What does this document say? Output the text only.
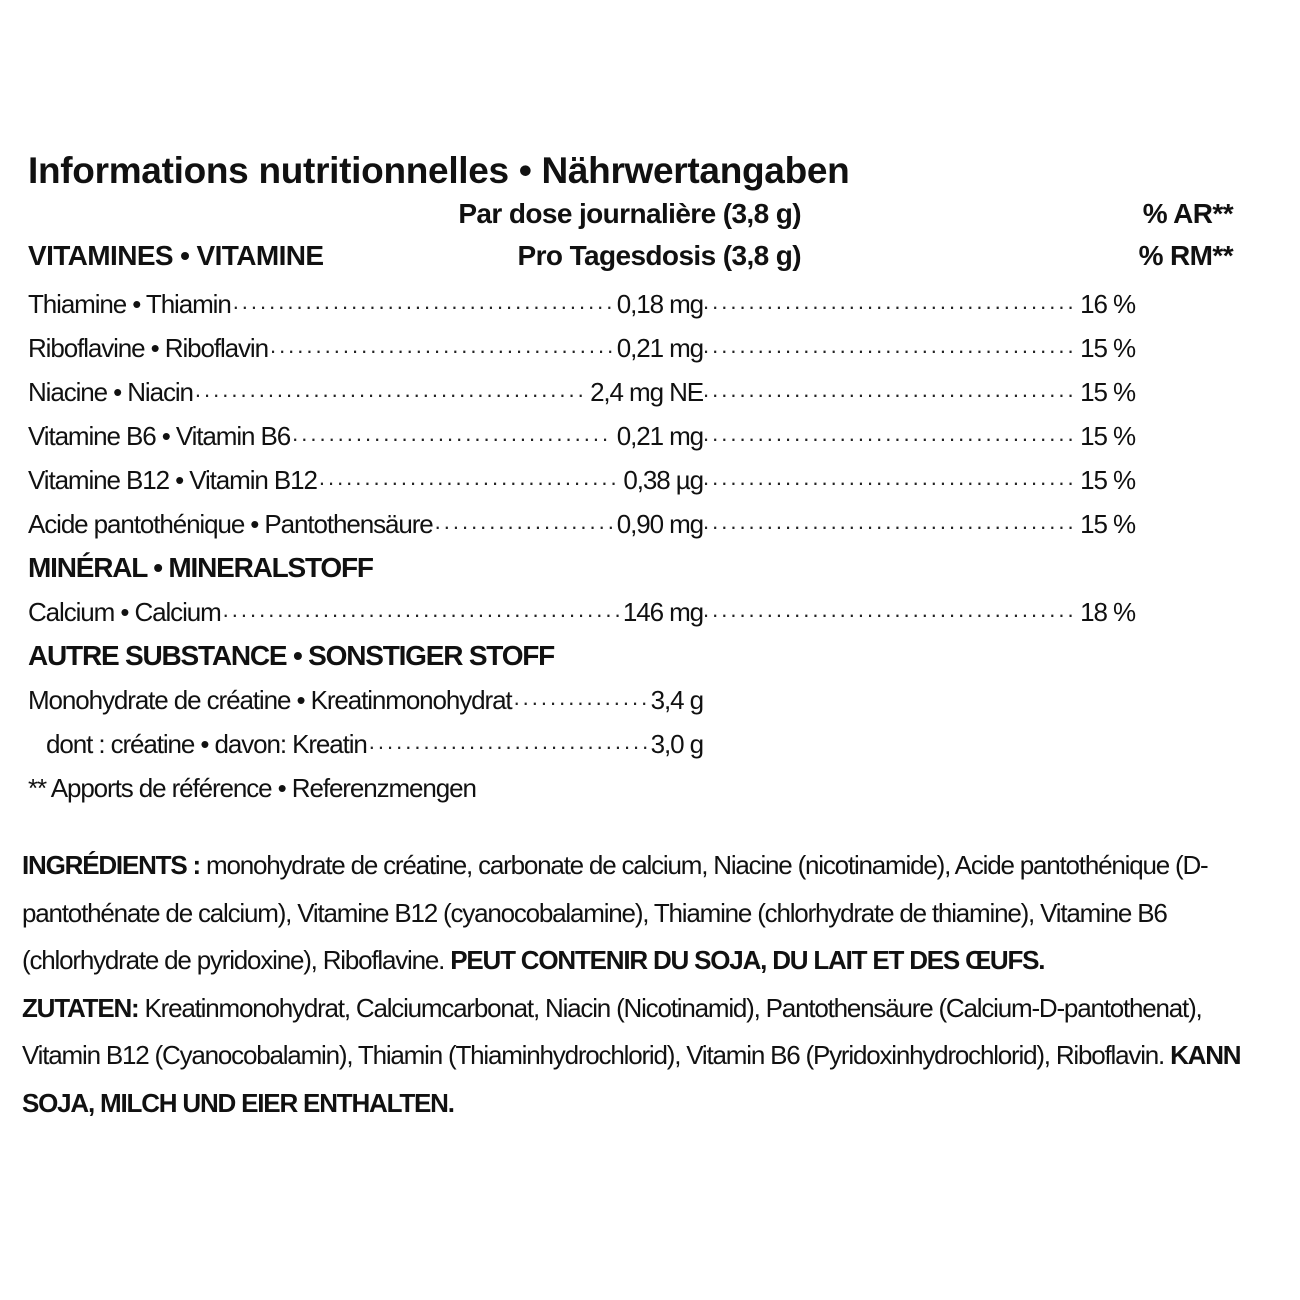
Informations nutritionnelles • Nährwertangaben
Par dose journalière (3,8 g)	% AR**
VITAMINES • VITAMINE	Pro Tagesdosis (3,8 g)	% RM**
Thiamine • Thiamin .....	0,18 mg .....	16 %
Riboflavine • Riboflavin .....	0,21 mg .....	15 %
Niacine • Niacin .....	2,4 mg NE .....	15 %
Vitamine B6 • Vitamin B6 .....	0,21 mg .....	15 %
Vitamine B12 • Vitamin B12 .....	0,38 µg .....	15 %
Acide pantothénique • Pantothensäure .....	0,90 mg .....	15 %
MINÉRAL • MINERALSTOFF
Calcium • Calcium .....	146 mg .....	18 %
AUTRE SUBSTANCE • SONSTIGER STOFF
Monohydrate de créatine • Kreatinmonohydrat .....	3,4 g
dont : créatine • davon: Kreatin .....	3,0 g
** Apports de référence • Referenzmengen

INGRÉDIENTS : monohydrate de créatine, carbonate de calcium, Niacine (nicotinamide), Acide pantothénique (D-pantothénate de calcium), Vitamine B12 (cyanocobalamine), Thiamine (chlorhydrate de thiamine), Vitamine B6 (chlorhydrate de pyridoxine), Riboflavine. PEUT CONTENIR DU SOJA, DU LAIT ET DES ŒUFS.

ZUTATEN: Kreatinmonohydrat, Calciumcarbonat, Niacin (Nicotinamid), Pantothensäure (Calcium-D-pantothenat), Vitamin B12 (Cyanocobalamin), Thiamin (Thiaminhydrochlorid), Vitamin B6 (Pyridoxinhydrochlorid), Riboflavin. KANN SOJA, MILCH UND EIER ENTHALTEN.
